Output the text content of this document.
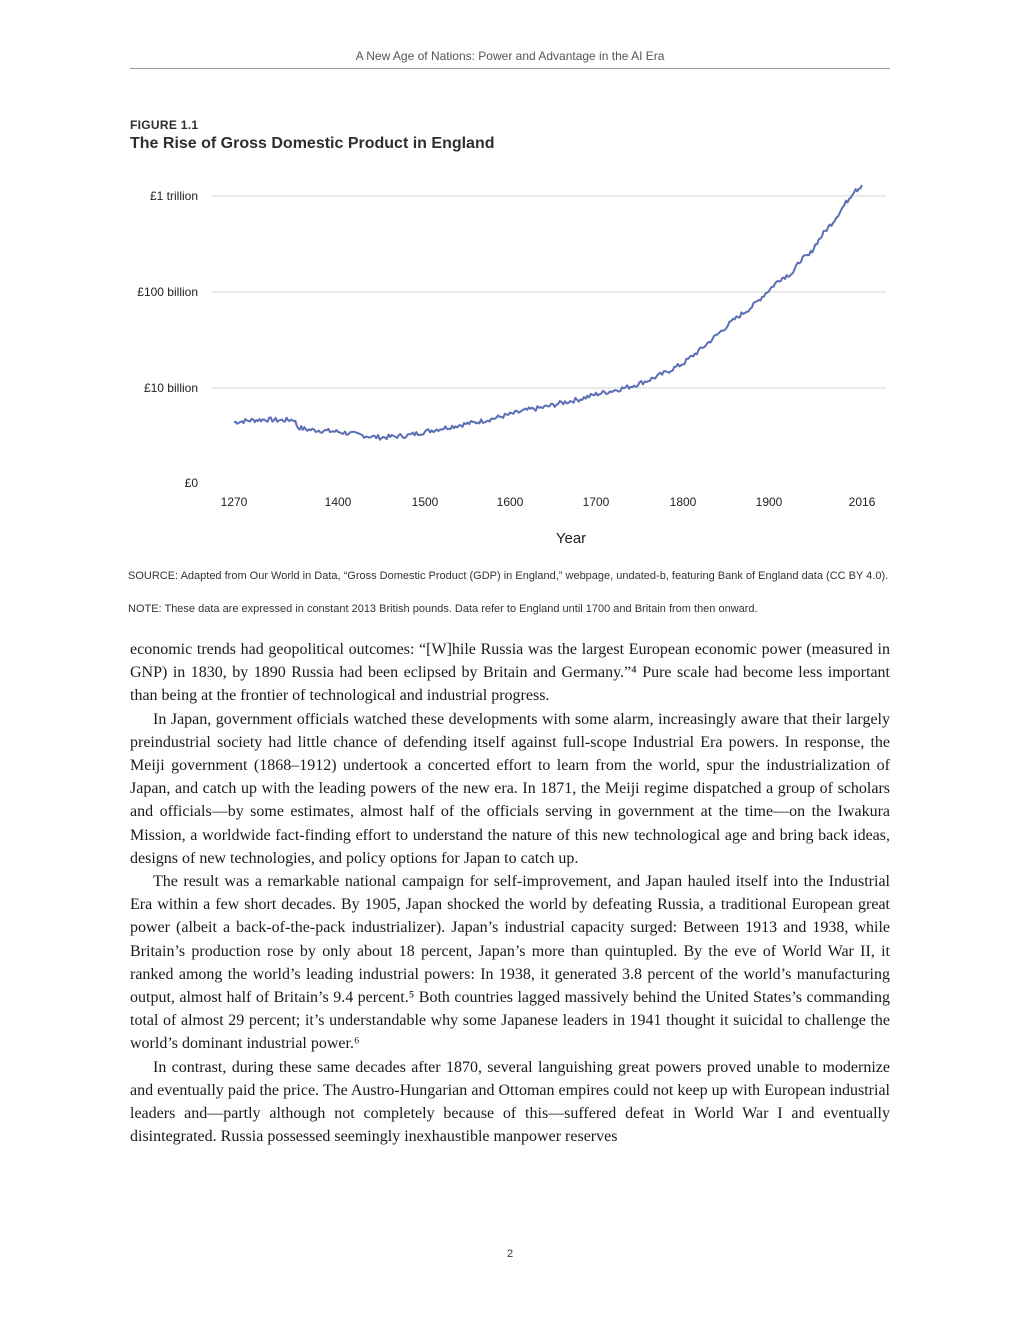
A New Age of Nations: Power and Advantage in the AI Era
FIGURE 1.1
The Rise of Gross Domestic Product in England
£0
£10 billion
£100 billion
£1 trillion
1270	1400	1500	1600	1700	1800	1900	2016
Year
SOURCE: Adapted from Our World in Data, “Gross Domestic Product (GDP) in England,” webpage, undated-b, featuring Bank of England data (CC BY 4.0).
NOTE: These data are expressed in constant 2013 British pounds. Data refer to England until 1700 and Britain from then onward.

economic trends had geopolitical outcomes: “[W]hile Russia was the largest European economic power (measured in GNP) in 1830, by 1890 Russia had been eclipsed by Britain and Germany.”⁴ Pure scale had become less important than being at the frontier of technological and industrial progress.

In Japan, government officials watched these developments with some alarm, increasingly aware that their largely preindustrial society had little chance of defending itself against full-scope Industrial Era powers. In response, the Meiji government (1868–1912) undertook a concerted effort to learn from the world, spur the industrialization of Japan, and catch up with the leading powers of the new era. In 1871, the Meiji regime dispatched a group of scholars and officials—by some estimates, almost half of the officials serving in government at the time—on the Iwakura Mission, a worldwide fact-finding effort to understand the nature of this new technological age and bring back ideas, designs of new technologies, and policy options for Japan to catch up.

The result was a remarkable national campaign for self-improvement, and Japan hauled itself into the Industrial Era within a few short decades. By 1905, Japan shocked the world by defeating Russia, a traditional European great power (albeit a back-of-the-pack industrializer). Japan’s industrial capacity surged: Between 1913 and 1938, while Britain’s production rose by only about 18 percent, Japan’s more than quintupled. By the eve of World War II, it ranked among the world’s leading industrial powers: In 1938, it generated 3.8 percent of the world’s manufacturing output, almost half of Britain’s 9.4 percent.⁵ Both countries lagged massively behind the United States’s commanding total of almost 29 percent; it’s understandable why some Japanese leaders in 1941 thought it suicidal to challenge the world’s dominant industrial power.⁶

In contrast, during these same decades after 1870, several languishing great powers proved unable to modernize and eventually paid the price. The Austro-Hungarian and Ottoman empires could not keep up with European industrial leaders and—partly although not completely because of this—suffered defeat in World War I and eventually disintegrated. Russia possessed seemingly inexhaustible manpower reserves

2
